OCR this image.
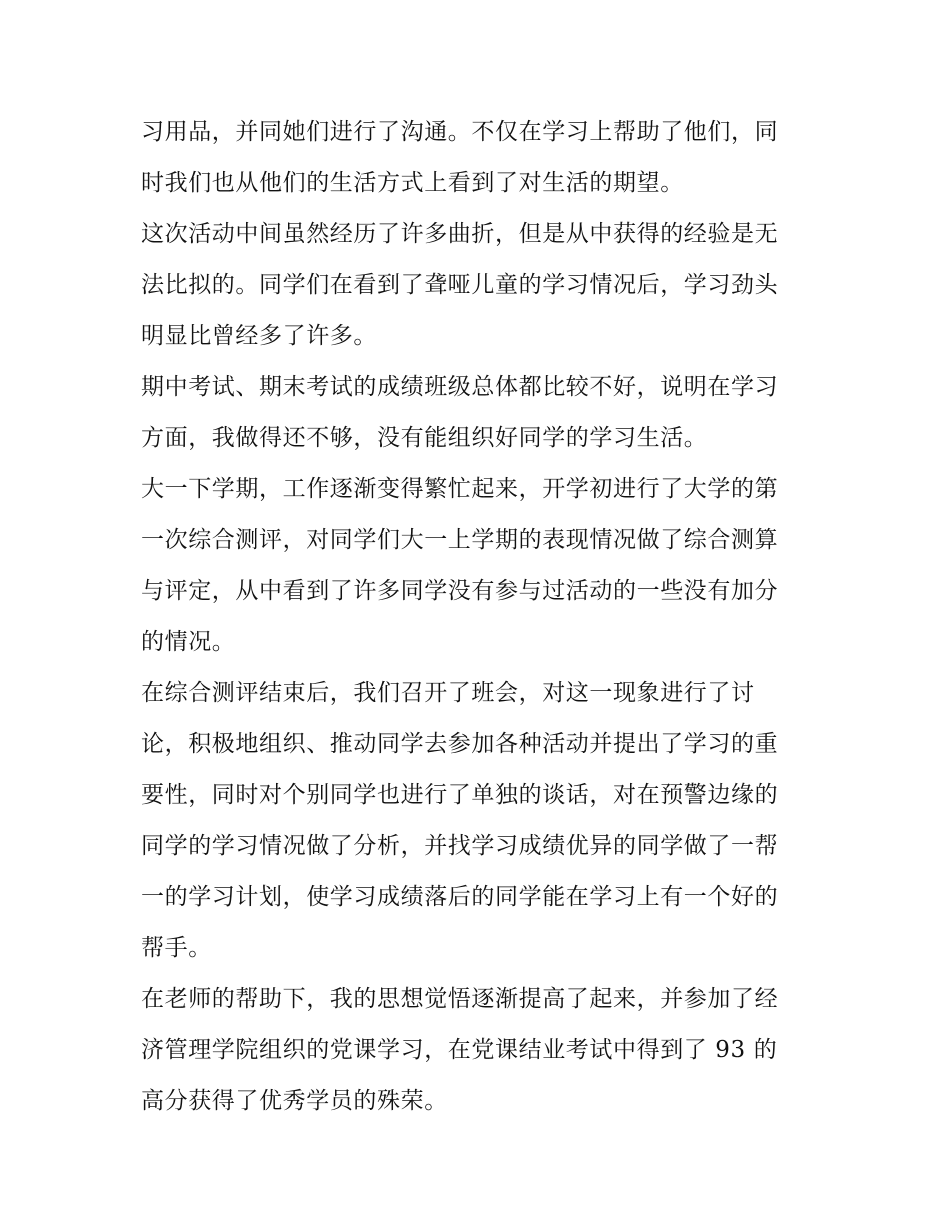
习用品，并同她们进行了沟通。不仅在学习上帮助了他们，同
时我们也从他们的生活方式上看到了对生活的期望。
这次活动中间虽然经历了许多曲折，但是从中获得的经验是无
法比拟的。同学们在看到了聋哑儿童的学习情况后，学习劲头
明显比曾经多了许多。
期中考试、期末考试的成绩班级总体都比较不好，说明在学习
方面，我做得还不够，没有能组织好同学的学习生活。
大一下学期，工作逐渐变得繁忙起来，开学初进行了大学的第
一次综合测评，对同学们大一上学期的表现情况做了综合测算
与评定，从中看到了许多同学没有参与过活动的一些没有加分
的情况。
在综合测评结束后，我们召开了班会，对这一现象进行了讨
论，积极地组织、推动同学去参加各种活动并提出了学习的重
要性，同时对个别同学也进行了单独的谈话，对在预警边缘的
同学的学习情况做了分析，并找学习成绩优异的同学做了一帮
一的学习计划，使学习成绩落后的同学能在学习上有一个好的
帮手。
在老师的帮助下，我的思想觉悟逐渐提高了起来，并参加了经
济管理学院组织的党课学习，在党课结业考试中得到了 93 的
高分获得了优秀学员的殊荣。
